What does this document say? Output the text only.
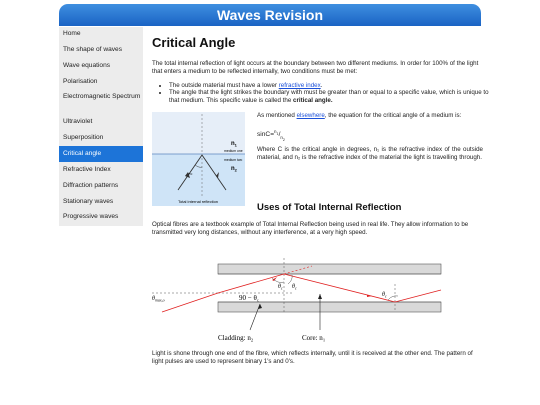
Waves Revision
Home
The shape of waves
Wave equations
Polarisation
Electromagnetic Spectrum
Ultraviolet
Superposition
Critical angle
Refractive Index
Diffraction patterns
Stationary waves
Progressive waves
Critical Angle

The total internal reflection of light occurs at the boundary between two different mediums. In order for 100% of the light that enters a medium to be reflected internally, two conditions must be met:

• The outside material must have a lower refractive index.
• The angle that the light strikes the boundary with must be greater than or equal to a specific value, which is unique to that medium. This specific value is called the critical angle.
>c
$n_1$
medium one
medium two
$n_2$
Total internal reflection

As mentioned elsewhere, the equation for the critical angle of a medium is:

$\sin C=^{n_1}/_{n_2}$

Where C is the critical angle in degrees, n₁ is the refractive index of the outside material, and n₂ is the refractive index of the material the light is travelling through.

Uses of Total Internal Reflection

Optical fibres are a textbook example of Total Internal Reflection being used in real life. They allow information to be transmitted very long distances, without any interference, at a very high speed.

$\theta_{max,o}$
$\theta_c$ $\theta_c$
$\theta_c$
$90 - \theta_c$
Cladding: $n_2$	Core: $n_1$

Light is shone through one end of the fibre, which reflects internally, until it is received at the other end. The pattern of light pulses are used to represent binary 1's and 0's.
